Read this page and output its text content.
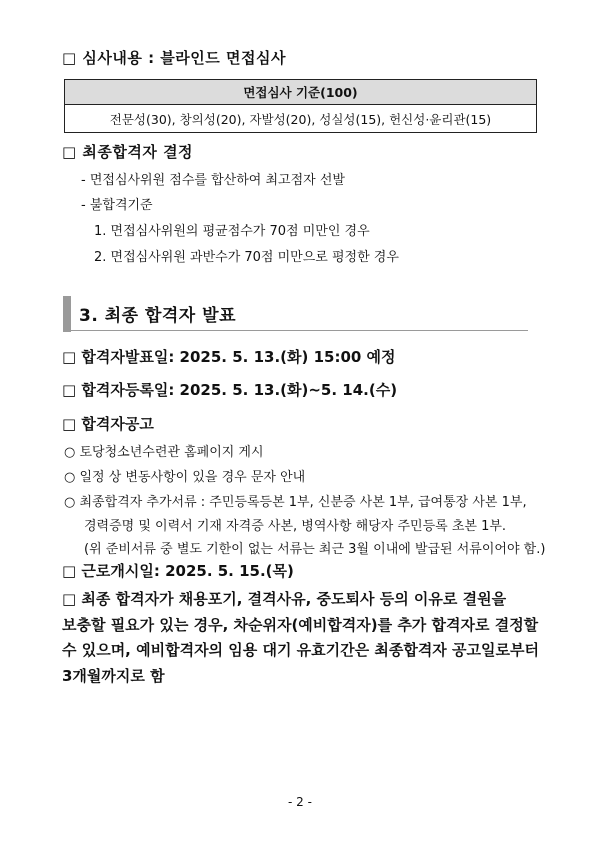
□ 심사내용 : 블라인드 면접심사
면접심사 기준(100)
전문성(30), 창의성(20), 자발성(20), 성실성(15), 헌신성·윤리관(15)
□ 최종합격자 결정
- 면접심사위원 점수를 합산하여 최고점자 선발
- 불합격기준
1. 면접심사위원의 평균점수가 70점 미만인 경우
2. 면접심사위원 과반수가 70점 미만으로 평정한 경우
3. 최종 합격자 발표
□ 합격자발표일: 2025. 5. 13.(화) 15:00 예정
□ 합격자등록일: 2025. 5. 13.(화)~5. 14.(수)
□ 합격자공고
○ 토당청소년수련관 홈페이지 게시
○ 일정 상 변동사항이 있을 경우 문자 안내
○ 최종합격자 추가서류 : 주민등록등본 1부, 신분증 사본 1부, 급여통장 사본 1부,
경력증명 및 이력서 기재 자격증 사본, 병역사항 해당자 주민등록 초본 1부.
(위 준비서류 중 별도 기한이 없는 서류는 최근 3월 이내에 발급된 서류이어야 함.)
□ 근로개시일: 2025. 5. 15.(목)
□ 최종 합격자가 채용포기, 결격사유, 중도퇴사 등의 이유로 결원을 보충할 필요가 있는 경우, 차순위자(예비합격자)를 추가 합격자로 결정할 수 있으며, 예비합격자의 임용 대기 유효기간은 최종합격자 공고일로부터 3개월까지로 함
- 2 -
